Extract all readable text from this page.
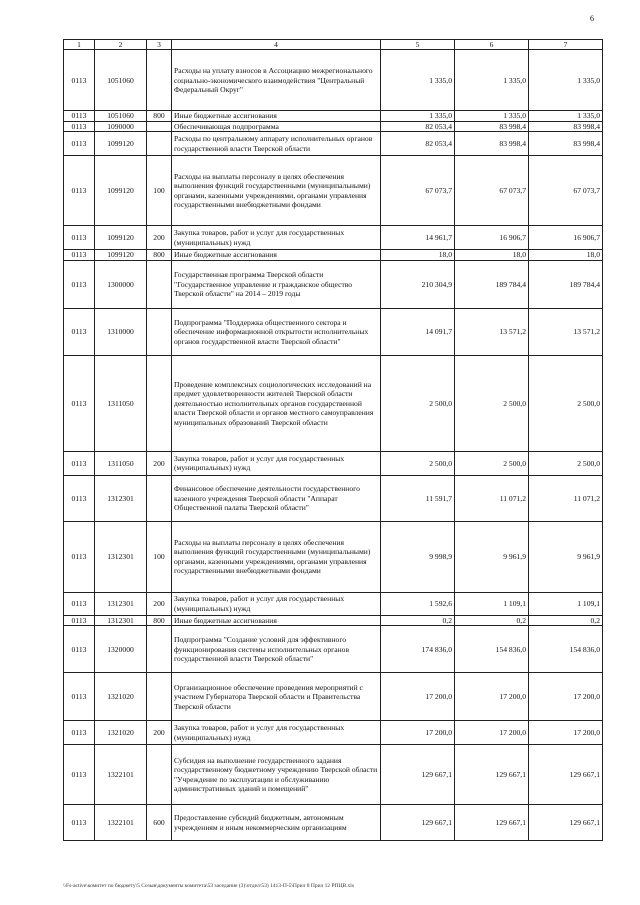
6
1	2	3	4	5	6	7
0113	1051060		Расходы на уплату взносов в Ассоциацию межрегионального социально-экономического взаимодействия "Центральный Федеральный Округ"	1 335,0	1 335,0	1 335,0
0113	1051060	800	Иные бюджетные ассигнования	1 335,0	1 335,0	1 335,0
0113	1090000		Обеспечивающая подпрограмма	82 053,4	83 998,4	83 998,4
0113	1099120		Расходы по центральному аппарату исполнительных органов государственной власти Тверской области	82 053,4	83 998,4	83 998,4
0113	1099120	100	Расходы на выплаты персоналу в целях обеспечения выполнения функций государственными (муниципальными) органами, казенными учреждениями, органами управления государственными внебюджетными фондами	67 073,7	67 073,7	67 073,7
0113	1099120	200	Закупка товаров, работ и услуг для государственных (муниципальных) нужд	14 961,7	16 906,7	16 906,7
0113	1099120	800	Иные бюджетные ассигнования	18,0	18,0	18,0
0113	1300000		Государственная программа Тверской области "Государственное управление и гражданское общество Тверской области" на 2014 – 2019 годы	210 304,9	189 784,4	189 784,4
0113	1310000		Подпрограмма "Поддержка общественного сектора и обеспечение информационной открытости исполнительных органов государственной власти Тверской области"	14 091,7	13 571,2	13 571,2
0113	1311050		Проведение комплексных социологических исследований на предмет удовлетворенности жителей Тверской области деятельностью исполнительных органов государственной власти Тверской области и органов местного самоуправления муниципальных образований Тверской области	2 500,0	2 500,0	2 500,0
0113	1311050	200	Закупка товаров, работ и услуг для государственных (муниципальных) нужд	2 500,0	2 500,0	2 500,0
0113	1312301		Финансовое обеспечение деятельности государственного казенного учреждения Тверской области "Аппарат Общественной палаты Тверской области"	11 591,7	11 071,2	11 071,2
0113	1312301	100	Расходы на выплаты персоналу в целях обеспечения выполнения функций государственными (муниципальными) органами, казенными учреждениями, органами управления государственными внебюджетными фондами	9 998,9	9 961,9	9 961,9
0113	1312301	200	Закупка товаров, работ и услуг для государственных (муниципальных) нужд	1 592,6	1 109,1	1 109,1
0113	1312301	800	Иные бюджетные ассигнования	0,2	0,2	0,2
0113	1320000		Подпрограмма "Создание условий для эффективного функционирования системы исполнительных органов государственной власти Тверской области"	174 836,0	154 836,0	154 836,0
0113	1321020		Организационное обеспечение проведения мероприятий с участием Губернатора Тверской области и Правительства Тверской области	17 200,0	17 200,0	17 200,0
0113	1321020	200	Закупка товаров, работ и услуг для государственных (муниципальных) нужд	17 200,0	17 200,0	17 200,0
0113	1322101		Субсидия на выполнение государственного задания государственному бюджетному учреждению Тверской области "Учреждение по эксплуатации и обслуживанию административных зданий и помещений"	129 667,1	129 667,1	129 667,1
0113	1322101	600	Предоставление субсидий бюджетным, автономным учреждениям и иным некоммерческим организациям	129 667,1	129 667,1	129 667,1
\\Fs-active\комитет по бюджету\5 Созыв\документы комитета\53 заседание (3)\отдел\53) 1413-П-5\Прил 8 Прил 12 РПЦВ.xls
